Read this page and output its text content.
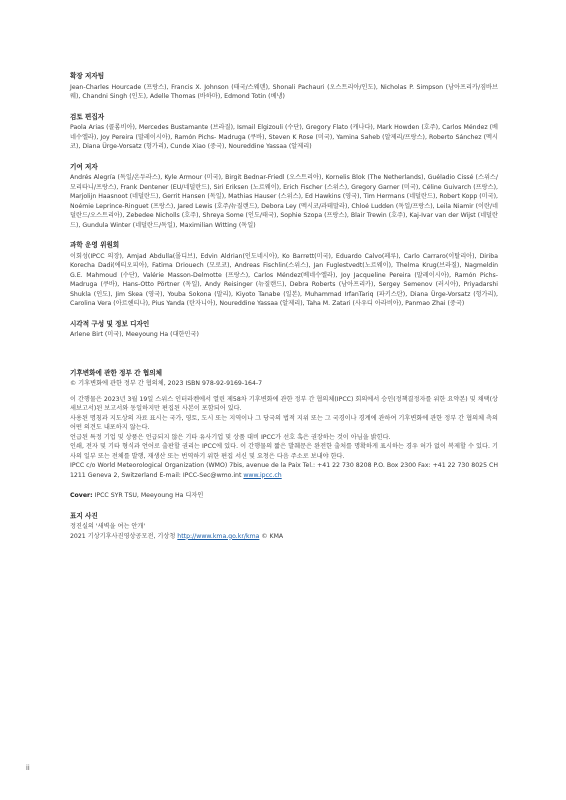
확장 저자팀

Jean-Charles Hourcade (프랑스), Francis X. Johnson (태국/스웨덴), Shonali Pachauri (오스트리아/인도), Nicholas P. Simpson (남아프리카/짐바브웨), Chandni Singh (인도), Adelle Thomas (바하마), Edmond Totin (베냉)

검토 편집자

Paola Arias (콜롬비아), Mercedes Bustamante (브라질), Ismail Elgizouli (수단), Gregory Flato (캐나다), Mark Howden (호주), Carlos Méndez (베네수엘라), Joy Pereira (말레이시아), Ramón Pichs- Madruga (쿠바), Steven K Rose (미국), Yamina Saheb (알제리/프랑스), Roberto Sánchez (멕시코), Diana Ürge-Vorsatz (헝가리), Cunde Xiao (중국), Noureddine Yassaa (알제리)

기여 저자

Andrés Alegría (독일/온두라스), Kyle Armour (미국), Birgit Bednar-Friedl (오스트리아), Kornelis Blok (The Netherlands), Guéladio Cissé (스위스/모리타니/프랑스), Frank Dentener (EU/네덜란드), Siri Eriksen (노르웨이), Erich Fischer (스위스), Gregory Garner (미국), Céline Guivarch (프랑스), Marjolijn Haasnoot (네덜란드), Gerrit Hansen (독일), Mathias Hauser (스위스), Ed Hawkins (영국), Tim Hermans (네덜란드), Robert Kopp (미국), Noémie Leprince-Ringuet (프랑스), Jared Lewis (호주/뉴질랜드), Debora Ley (멕시코/과테말라), Chloé Ludden (독일/프랑스), Leila Niamir (이란/네덜란드/오스트리아), Zebedee Nicholls (호주), Shreya Some (인도/태국), Sophie Szopa (프랑스), Blair Trewin (호주), Kaj-Ivar van der Wijst (네덜란드), Gundula Winter (네덜란드/독일), Maximilian Witting (독일)

과학 운영 위원회

이회성(IPCC 의장), Amjad Abdulla(몰디브), Edvin Aldrian(인도네시아), Ko Barrett(미국), Eduardo Calvo(페루), Carlo Carraro(이탈리아), Diriba Korecha Dadi(에티오피아), Fatima Driouech (모로코), Andreas Fischlin(스위스), Jan Fuglestvedt(노르웨이), Thelma Krug(브라질), Nagmeldin G.E. Mahmoud (수단), Valérie Masson-Delmotte (프랑스), Carlos Méndez(베네수엘라), Joy Jacqueline Pereira (말레이시아), Ramón Pichs-Madruga (쿠바), Hans-Otto Pörtner (독일), Andy Reisinger (뉴질랜드), Debra Roberts (남아프리카), Sergey Semenov (러시아), Priyadarshi Shukla (인도), Jim Skea (영국), Youba Sokona (말리), Kiyoto Tanabe (일본), Muhammad IrfanTariq (파키스탄), Diana Ürge-Vorsatz (헝가리), Carolina Vera (아르헨티나), Pius Yanda (탄자니아), Noureddine Yassaa (알제리), Taha M. Zatari (사우디 아라비아), Panmao Zhai (중국)

시각적 구성 및 정보 디자인

Arlene Birt (미국), Meeyoung Ha (대한민국)

기후변화에 관한 정부 간 협의체

© 기후변화에 관한 정부 간 협의체, 2023 ISBN 978-92-9169-164-7

이 간행물은 2023년 3월 19일 스위스 인터라켄에서 열린 제58차 기후변화에 관한 정부 간 협의체(IPCC) 회의에서 승인(정책결정자를 위한 요약본) 및 채택(상세보고서)된 보고서와 동일하지만 편집된 사본이 포함되어 있다.

사용된 명칭과 지도상의 자료 표시는 국가, 영토, 도시 또는 지역이나 그 당국의 법적 지위 또는 그 국경이나 경계에 관하여 기후변화에 관한 정부 간 협의체 측의 어떤 의견도 내포하지 않는다.

언급된 특정 기업 및 상품은 언급되지 않은 기타 유사기업 및 상품 대비 IPCC가 선호 혹은 권장하는 것이 아님을 밝힌다.

인쇄, 전자 및 기타 형식과 언어로 출판할 권리는 IPCC에 있다. 이 간행물의 짧은 발췌문은 완전한 출처를 명확하게 표시하는 경우 허가 없이 복제할 수 있다. 기사의 일부 또는 전체를 발행, 재생산 또는 번역하기 위한 편집 서신 및 요청은 다음 주소로 보내야 한다.

IPCC c/o World Meteorological Organization (WMO) 7bis, avenue de la Paix Tel.: +41 22 730 8208 P.O. Box 2300 Fax: +41 22 730 8025 CH 1211 Geneva 2, Switzerland E-mail: IPCC-Sec@wmo.int www.ipcc.ch

Cover: IPCC SYR TSU, Meeyoung Ha 디자인

표지 사진

정진실의 '새벽을 여는 안개'

2021 기상기후사진영상공모전, 기상청 http://www.kma.go.kr/kma © KMA

ii
